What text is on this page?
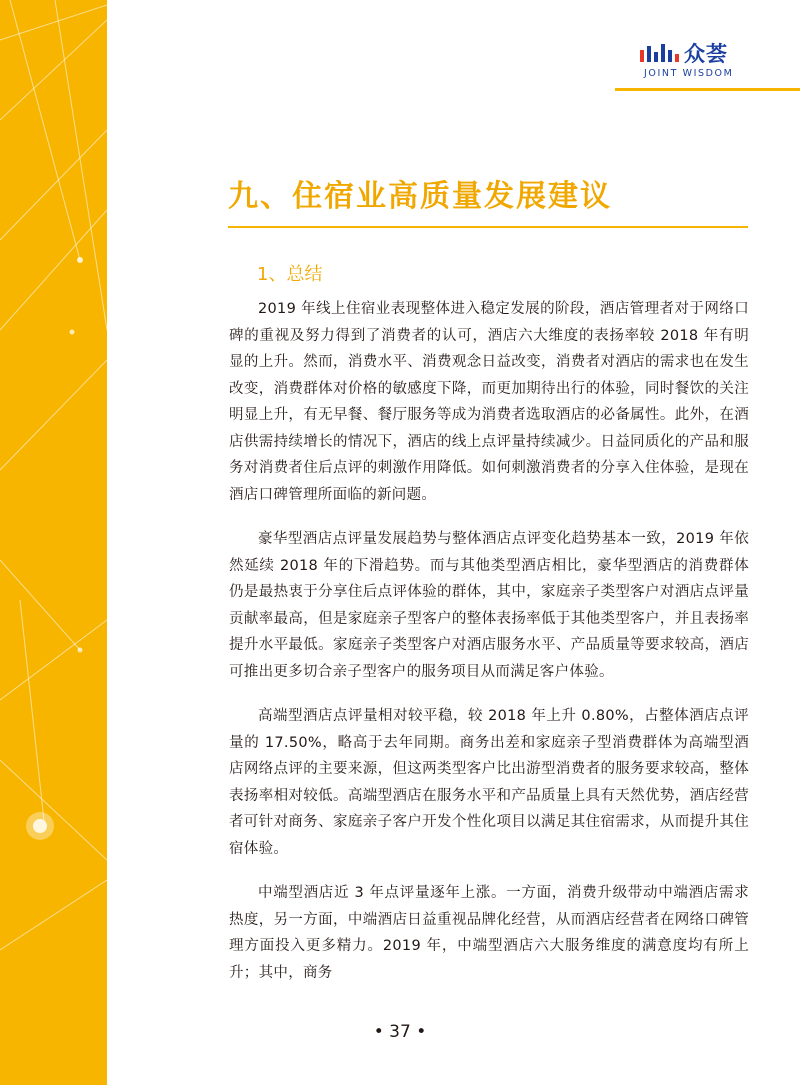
众荟
JOINT WISDOM
九、住宿业高质量发展建议
1、总结

2019 年线上住宿业表现整体进入稳定发展的阶段，酒店管理者对于网络口碑的重视及努力得到了消费者的认可，酒店六大维度的表扬率较 2018 年有明显的上升。然而，消费水平、消费观念日益改变，消费者对酒店的需求也在发生改变，消费群体对价格的敏感度下降，而更加期待出行的体验，同时餐饮的关注明显上升，有无早餐、餐厅服务等成为消费者选取酒店的必备属性。此外，在酒店供需持续增长的情况下，酒店的线上点评量持续减少。日益同质化的产品和服务对消费者住后点评的刺激作用降低。如何刺激消费者的分享入住体验，是现在酒店口碑管理所面临的新问题。

豪华型酒店点评量发展趋势与整体酒店点评变化趋势基本一致，2019 年依然延续 2018 年的下滑趋势。而与其他类型酒店相比，豪华型酒店的消费群体仍是最热衷于分享住后点评体验的群体，其中，家庭亲子类型客户对酒店点评量贡献率最高，但是家庭亲子型客户的整体表扬率低于其他类型客户，并且表扬率提升水平最低。家庭亲子类型客户对酒店服务水平、产品质量等要求较高，酒店可推出更多切合亲子型客户的服务项目从而满足客户体验。

高端型酒店点评量相对较平稳，较 2018 年上升 0.80%，占整体酒店点评量的 17.50%，略高于去年同期。商务出差和家庭亲子型消费群体为高端型酒店网络点评的主要来源，但这两类型客户比出游型消费者的服务要求较高，整体表扬率相对较低。高端型酒店在服务水平和产品质量上具有天然优势，酒店经营者可针对商务、家庭亲子客户开发个性化项目以满足其住宿需求，从而提升其住宿体验。

中端型酒店近 3 年点评量逐年上涨。一方面，消费升级带动中端酒店需求热度，另一方面，中端酒店日益重视品牌化经营，从而酒店经营者在网络口碑管理方面投入更多精力。2019 年，中端型酒店六大服务维度的满意度均有所上升；其中，商务

• 37 •
